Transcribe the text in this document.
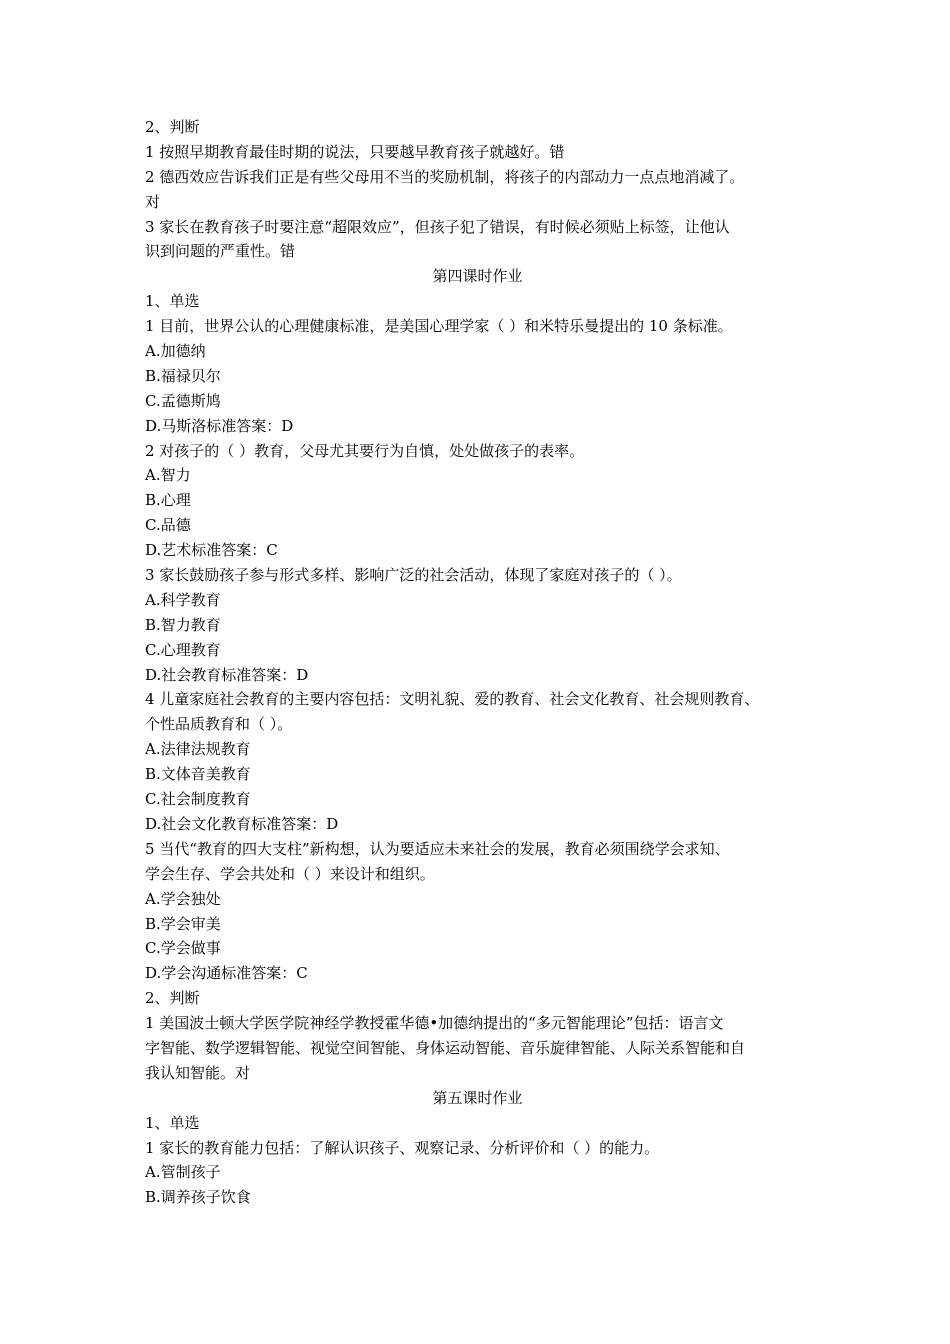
2、判断
1 按照早期教育最佳时期的说法，只要越早教育孩子就越好。错
2 德西效应告诉我们正是有些父母用不当的奖励机制，将孩子的内部动力一点点地消减了。
对
3 家长在教育孩子时要注意“超限效应”，但孩子犯了错误，有时候必须贴上标签，让他认
识到问题的严重性。错
第四课时作业
1、单选
1 目前，世界公认的心理健康标准，是美国心理学家（ ）和米特乐曼提出的 10 条标准。
A.加德纳
B.福禄贝尔
C.孟德斯鸠
D.马斯洛标准答案：D
2 对孩子的（ ）教育，父母尤其要行为自慎，处处做孩子的表率。
A.智力
B.心理
C.品德
D.艺术标准答案：C
3 家长鼓励孩子参与形式多样、影响广泛的社会活动，体现了家庭对孩子的（ ）。
A.科学教育
B.智力教育
C.心理教育
D.社会教育标准答案：D
4 儿童家庭社会教育的主要内容包括：文明礼貌、爱的教育、社会文化教育、社会规则教育、
个性品质教育和（ ）。
A.法律法规教育
B.文体音美教育
C.社会制度教育
D.社会文化教育标准答案：D
5 当代“教育的四大支柱”新构想，认为要适应未来社会的发展，教育必须围绕学会求知、
学会生存、学会共处和（ ）来设计和组织。
A.学会独处
B.学会审美
C.学会做事
D.学会沟通标准答案：C
2、判断
1 美国波士顿大学医学院神经学教授霍华德•加德纳提出的“多元智能理论”包括：语言文
字智能、数学逻辑智能、视觉空间智能、身体运动智能、音乐旋律智能、人际关系智能和自
我认知智能。对
第五课时作业
1、单选
1 家长的教育能力包括：了解认识孩子、观察记录、分析评价和（ ）的能力。
A.管制孩子
B.调养孩子饮食
